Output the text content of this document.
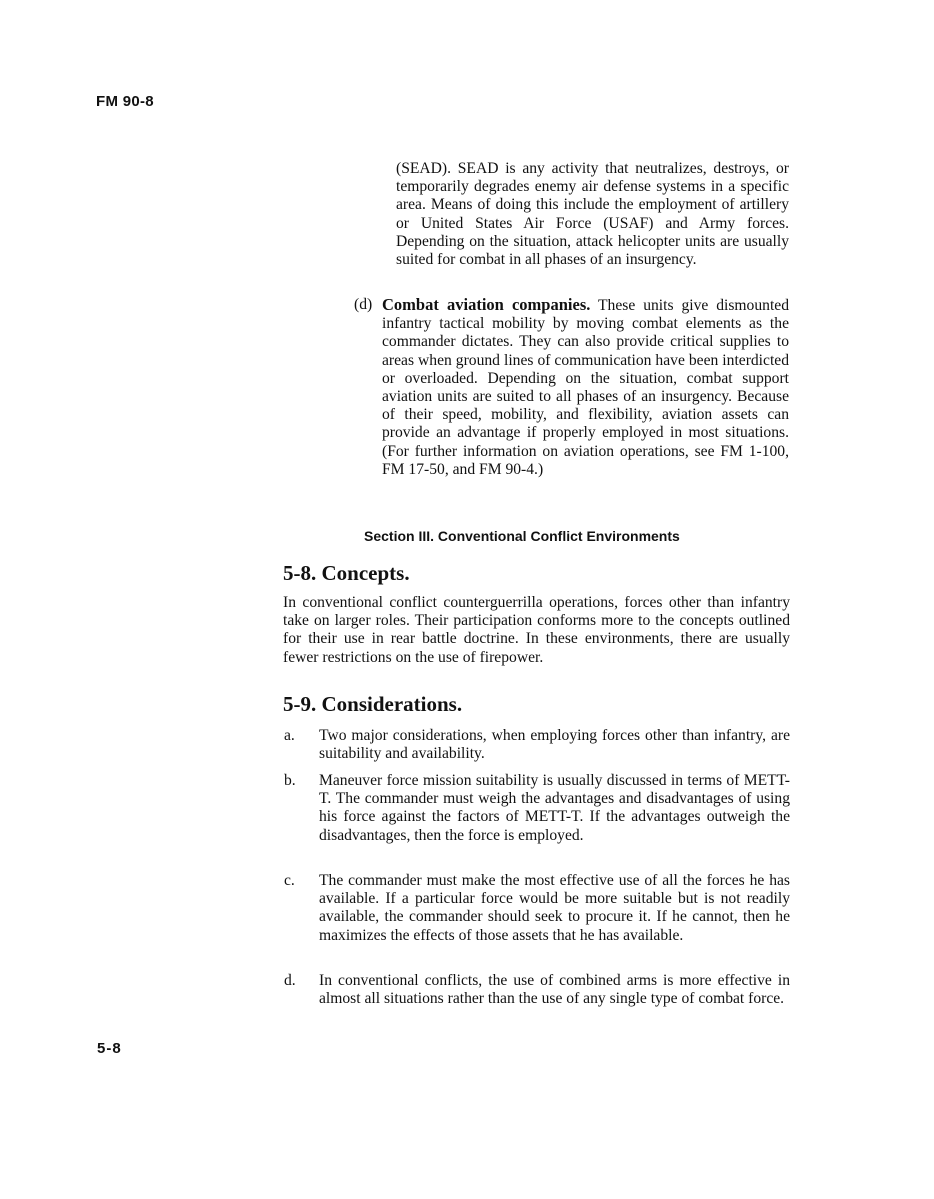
FM 90-8
(SEAD). SEAD is any activity that neutralizes, destroys, or temporarily degrades enemy air defense systems in a specific area. Means of doing this include the employment of artillery or United States Air Force (USAF) and Army forces. Depending on the situation, attack helicopter units are usually suited for combat in all phases of an insurgency.
(d) Combat aviation companies. These units give dismounted infantry tactical mobility by moving combat elements as the commander dictates. They can also provide critical supplies to areas when ground lines of communication have been interdicted or overloaded. Depending on the situation, combat support aviation units are suited to all phases of an insurgency. Because of their speed, mobility, and flexibility, aviation assets can provide an advantage if properly employed in most situations. (For further information on aviation operations, see FM 1-100, FM 17-50, and FM 90-4.)
Section III. Conventional Conflict Environments
5-8. Concepts.
In conventional conflict counterguerrilla operations, forces other than infantry take on larger roles. Their participation conforms more to the concepts outlined for their use in rear battle doctrine. In these environments, there are usually fewer restrictions on the use of firepower.
5-9. Considerations.
a.	Two major considerations, when employing forces other than infantry, are suitability and availability.
b.	Maneuver force mission suitability is usually discussed in terms of METT-T. The commander must weigh the advantages and disadvantages of using his force against the factors of METT-T. If the advantages outweigh the disadvantages, then the force is employed.
c.	The commander must make the most effective use of all the forces he has available. If a particular force would be more suitable but is not readily available, the commander should seek to procure it. If he cannot, then he maximizes the effects of those assets that he has available.
d.	In conventional conflicts, the use of combined arms is more effective in almost all situations rather than the use of any single type of combat force.
5-8
